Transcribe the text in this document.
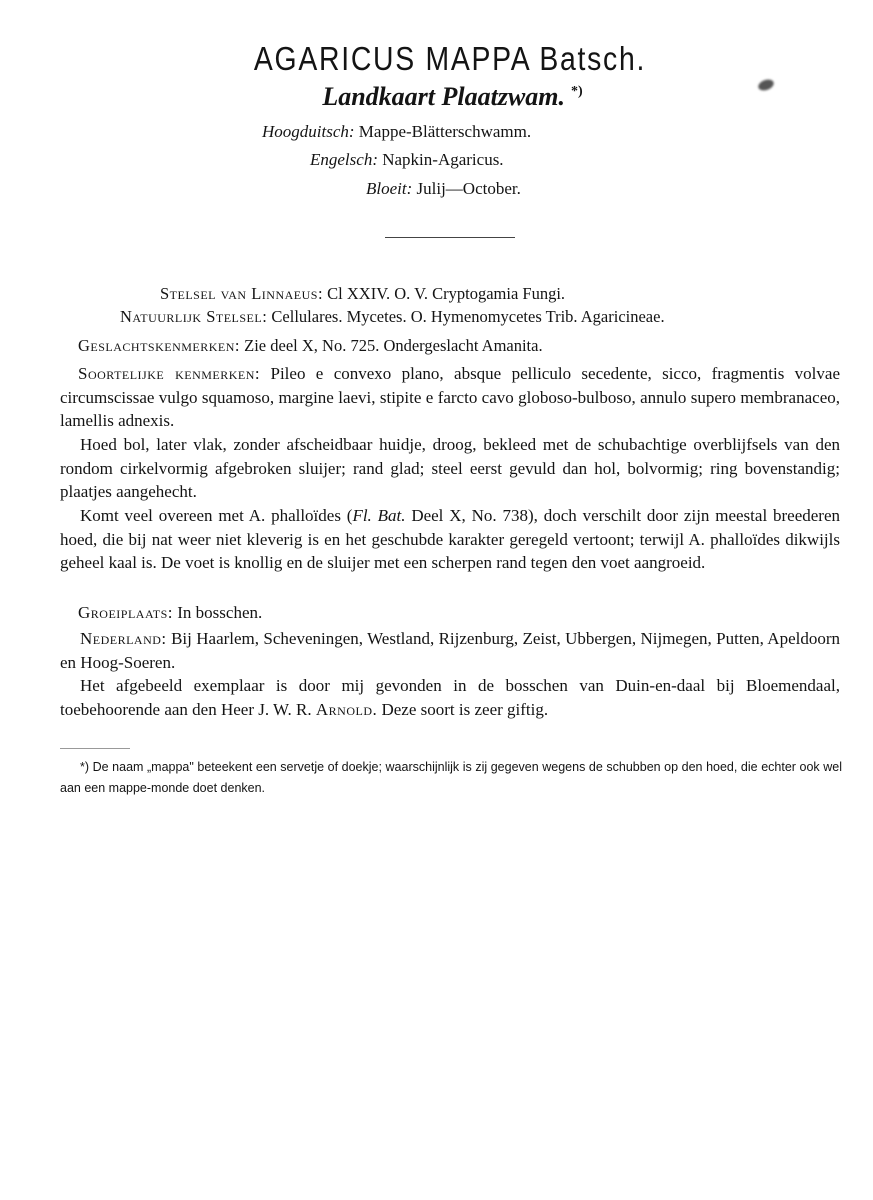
AGARICUS MAPPA Batsch.
Landkaart Plaatzwam. *)
Hoogduitsch: Mappe-Blätterschwamm.
Engelsch: Napkin-Agaricus.
Bloeit: Julij—October.
Stelsel van Linnaeus: Cl XXIV. O. V. Cryptogamia Fungi.
Natuurlijk Stelsel: Cellulares. Mycetes. O. Hymenomycetes Trib. Agaricineae.
Geslachtskenmerken: Zie deel X, No. 725. Ondergeslacht Amanita.

Soortelijke kenmerken: Pileo e convexo plano, absque pelliculo secedente, sicco, fragmentis volvae circumscissae vulgo squamoso, margine laevi, stipite e farcto cavo globoso-bulboso, annulo supero membranaceo, lamellis adnexis.

Hoed bol, later vlak, zonder afscheidbaar huidje, droog, bekleed met de schubachtige overblijfsels van den rondom cirkelvormig afgebroken sluijer; rand glad; steel eerst gevuld dan hol, bolvormig; ring bovenstandig; plaatjes aangehecht.

Komt veel overeen met A. phalloïdes (Fl. Bat. Deel X, No. 738), doch verschilt door zijn meestal breederen hoed, die bij nat weer niet kleverig is en het geschubde karakter geregeld vertoont; terwijl A. phalloïdes dikwijls geheel kaal is. De voet is knollig en de sluijer met een scherpen rand tegen den voet aangroeid.

Groeiplaats: In bosschen.

Nederland: Bij Haarlem, Scheveningen, Westland, Rijzenburg, Zeist, Ubbergen, Nijmegen, Putten, Apeldoorn en Hoog-Soeren.

Het afgebeeld exemplaar is door mij gevonden in de bosschen van Duin-en-daal bij Bloemendaal, toebehoorende aan den Heer J. W. R. Arnold. Deze soort is zeer giftig.

*) De naam „mappa" beteekent een servetje of doekje; waarschijnlijk is zij gegeven wegens de schubben op den hoed, die echter ook wel aan een mappe-monde doet denken.
